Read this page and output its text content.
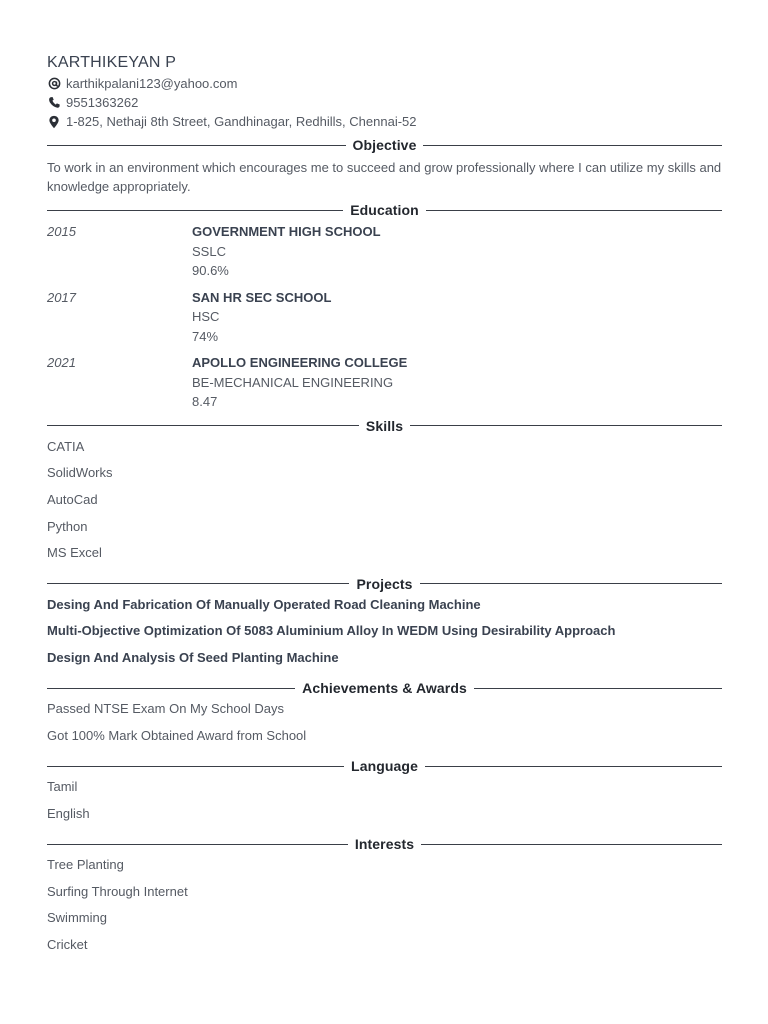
KARTHIKEYAN P
karthikpalani123@yahoo.com
9551363262
1-825, Nethaji 8th Street, Gandhinagar, Redhills, Chennai-52
Objective
To work in an environment which encourages me to succeed and grow professionally where I can utilize my skills and knowledge appropriately.
Education
2015	GOVERNMENT HIGH SCHOOL
SSLC
90.6%
2017	SAN HR SEC SCHOOL
HSC
74%
2021	APOLLO ENGINEERING COLLEGE
BE-MECHANICAL ENGINEERING
8.47
Skills
CATIA
SolidWorks
AutoCad
Python
MS Excel
Projects
Desing And Fabrication Of Manually Operated Road Cleaning Machine
Multi-Objective Optimization Of 5083 Aluminium Alloy In WEDM Using Desirability Approach
Design And Analysis Of Seed Planting Machine
Achievements & Awards
Passed NTSE Exam On My School Days
Got 100% Mark Obtained Award from School
Language
Tamil
English
Interests
Tree Planting
Surfing Through Internet
Swimming
Cricket
